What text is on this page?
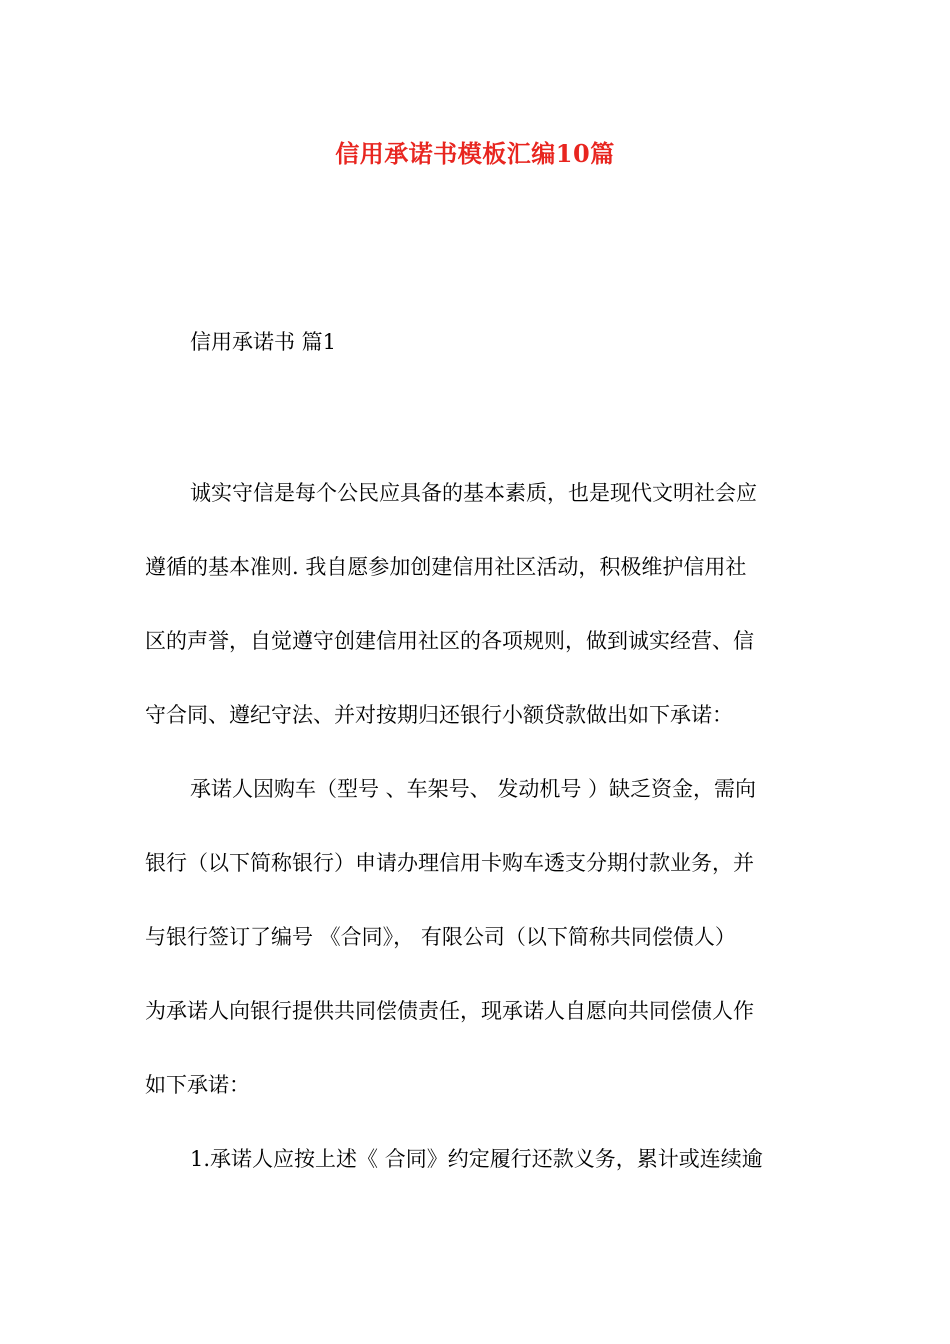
信用承诺书模板汇编10篇
信用承诺书 篇1
诚实守信是每个公民应具备的基本素质，也是现代文明社会应
遵循的基本准则. 我自愿参加创建信用社区活动，积极维护信用社
区的声誉，自觉遵守创建信用社区的各项规则，做到诚实经营、信
守合同、遵纪守法、并对按期归还银行小额贷款做出如下承诺：
承诺人因购车（型号 、车架号、 发动机号 ）缺乏资金，需向
银行（以下简称银行）申请办理信用卡购车透支分期付款业务，并
与银行签订了编号 《合同》， 有限公司（以下简称共同偿债人）
为承诺人向银行提供共同偿债责任，现承诺人自愿向共同偿债人作
如下承诺：
1.承诺人应按上述《 合同》约定履行还款义务，累计或连续逾
